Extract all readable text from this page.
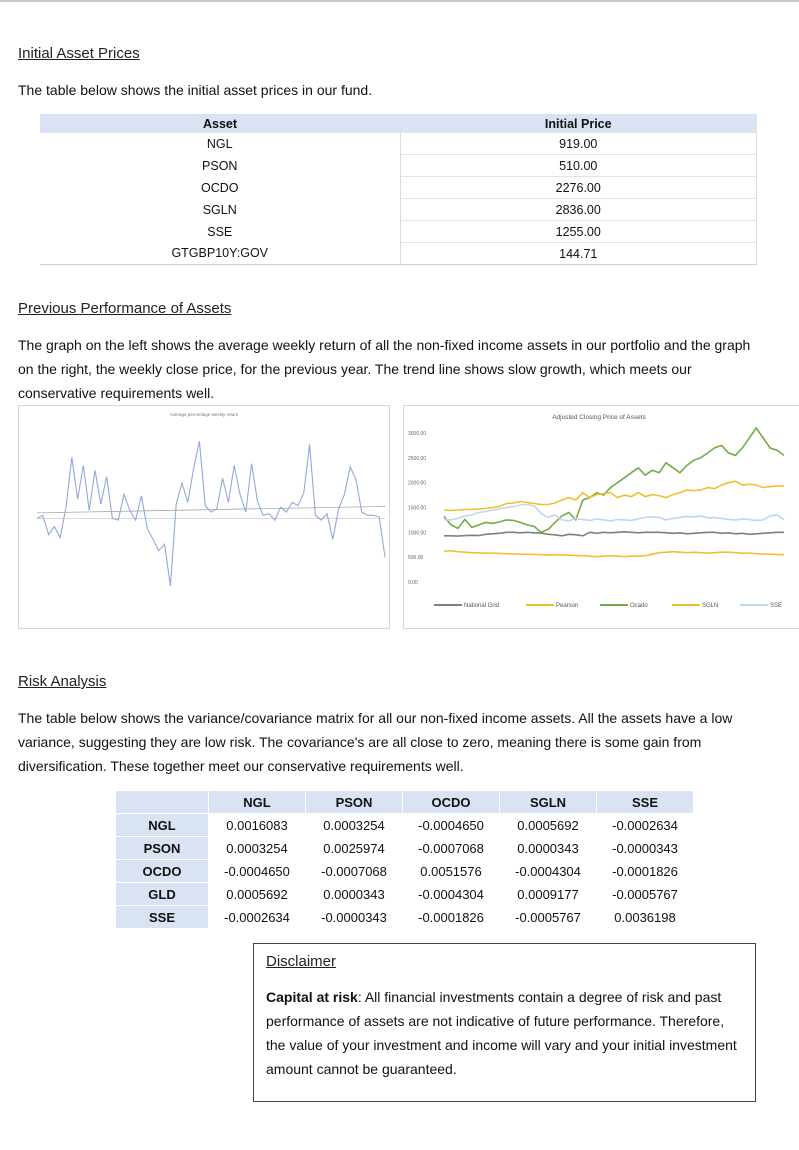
Initial Asset Prices
The table below shows the initial asset prices in our fund.
Asset	Initial Price
NGL	919.00
PSON	510.00
OCDO	2276.00
SGLN	2836.00
SSE	1255.00
GTGBP10Y:GOV	144.71
Previous Performance of Assets
The graph on the left shows the average weekly return of all the non-fixed income assets in our portfolio and the graph on the right, the weekly close price, for the previous year. The trend line shows slow growth, which meets our conservative requirements well.
Average percentage weekly return	Adjusted Closing Price of Assets
0.00
500.00
1000.00
1500.00
2000.00
2500.00
3000.00
National Grid	Pearson	Ocado	SGLN	SSE
Risk Analysis
The table below shows the variance/covariance matrix for all our non-fixed income assets. All the assets have a low variance, suggesting they are low risk. The covariance's are all close to zero, meaning there is some gain from diversification. These together meet our conservative requirements well.
	NGL	PSON	OCDO	SGLN	SSE
NGL	0.0016083	0.0003254	-0.0004650	0.0005692	-0.0002634
PSON	0.0003254	0.0025974	-0.0007068	0.0000343	-0.0000343
OCDO	-0.0004650	-0.0007068	0.0051576	-0.0004304	-0.0001826
GLD	0.0005692	0.0000343	-0.0004304	0.0009177	-0.0005767
SSE	-0.0002634	-0.0000343	-0.0001826	-0.0005767	0.0036198
Disclaimer
Capital at risk: All financial investments contain a degree of risk and past performance of assets are not indicative of future performance. Therefore, the value of your investment and income will vary and your initial investment amount cannot be guaranteed.
